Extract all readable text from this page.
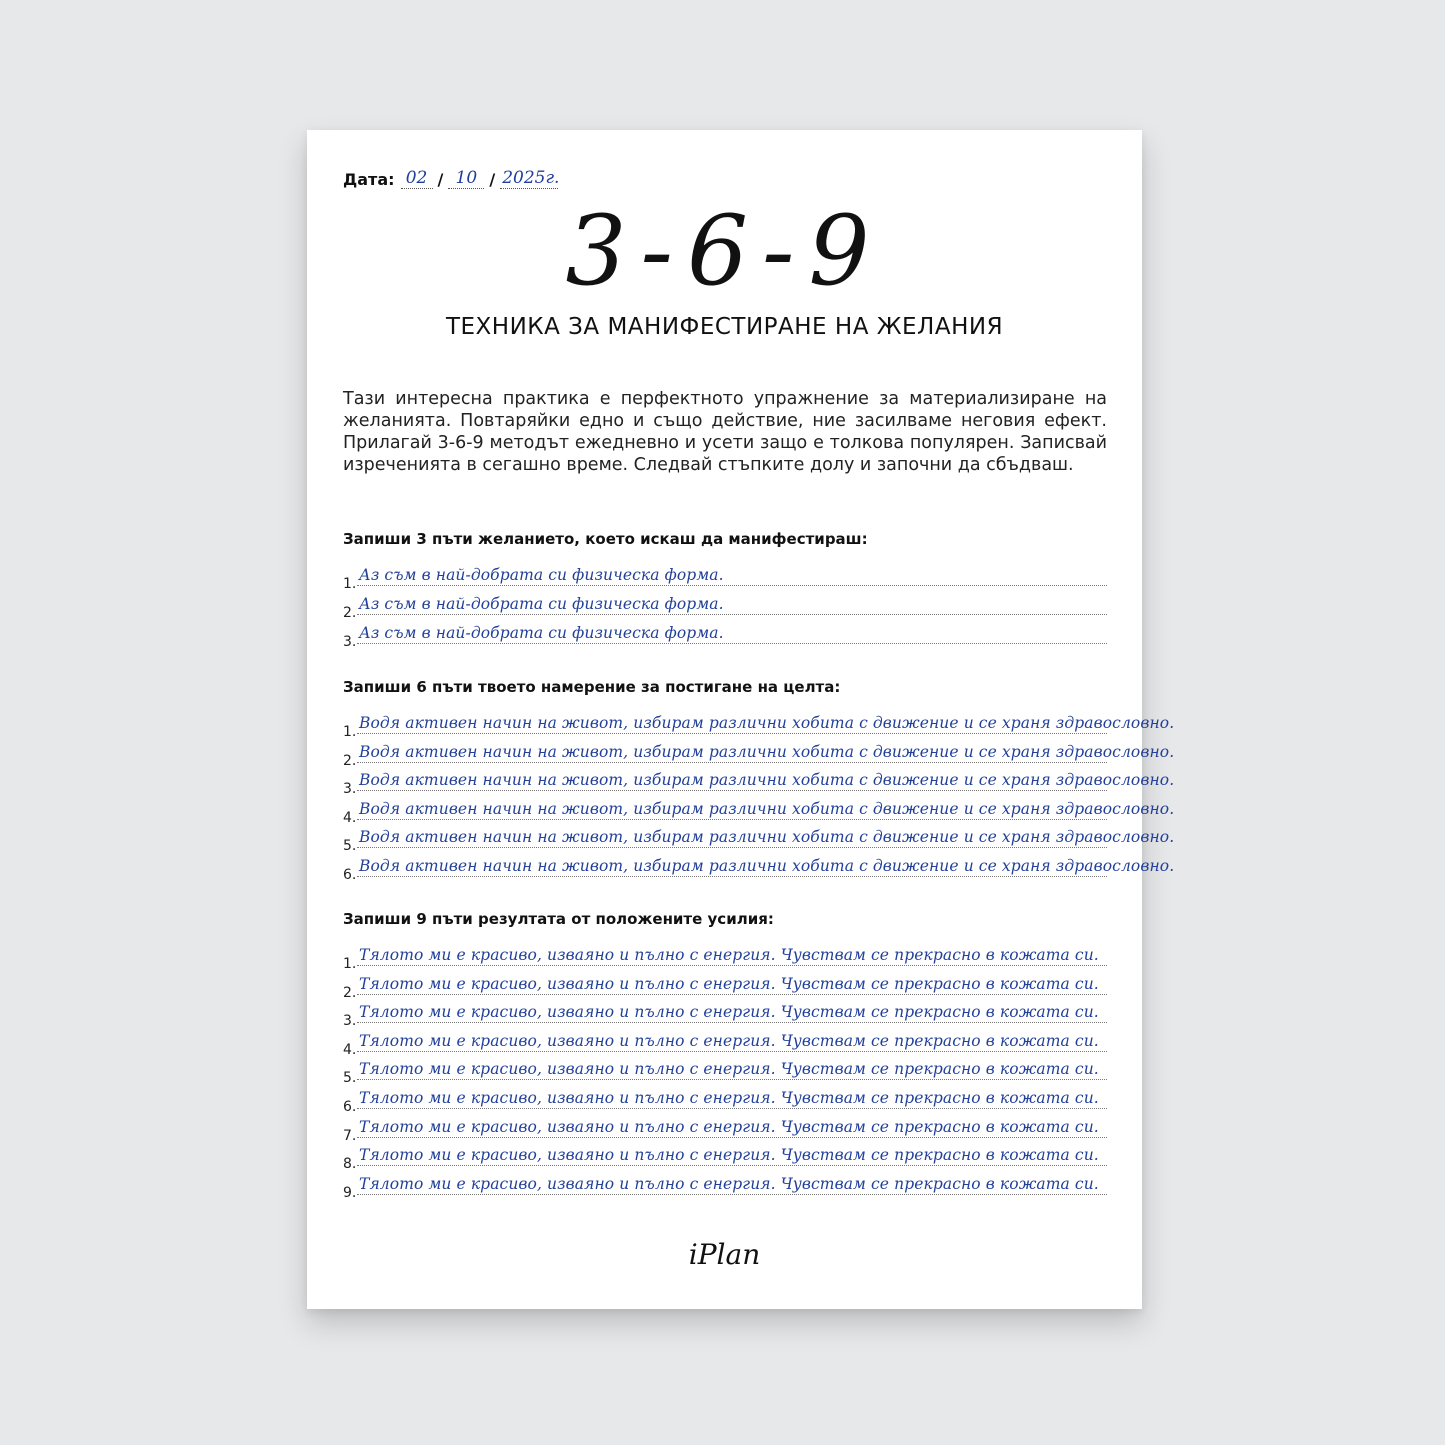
Дата: 02 / 10 / 2025г.
3-6-9
ТЕХНИКА ЗА МАНИФЕСТИРАНЕ НА ЖЕЛАНИЯ
Тази интересна практика е перфектното упражнение за материализиране на желанията. Повтаряйки едно и също действие, ние засилваме неговия ефект. Прилагай 3-6-9 методът ежедневно и усети защо е толкова популярен. Записвай изреченията в сегашно време. Следвай стъпките долу и започни да сбъдваш.
Запиши 3 пъти желанието, което искаш да манифестираш:
1. Аз съм в най-добрата си физическа форма.
2. Аз съм в най-добрата си физическа форма.
3. Аз съм в най-добрата си физическа форма.
Запиши 6 пъти твоето намерение за постигане на целта:
1. Водя активен начин на живот, избирам различни хобита с движение и се храня здравословно.
2. Водя активен начин на живот, избирам различни хобита с движение и се храня здравословно.
3. Водя активен начин на живот, избирам различни хобита с движение и се храня здравословно.
4. Водя активен начин на живот, избирам различни хобита с движение и се храня здравословно.
5. Водя активен начин на живот, избирам различни хобита с движение и се храня здравословно.
6. Водя активен начин на живот, избирам различни хобита с движение и се храня здравословно.
Запиши 9 пъти резултата от положените усилия:
1. Тялото ми е красиво, изваяно и пълно с енергия. Чувствам се прекрасно в кожата си.
2. Тялото ми е красиво, изваяно и пълно с енергия. Чувствам се прекрасно в кожата си.
3. Тялото ми е красиво, изваяно и пълно с енергия. Чувствам се прекрасно в кожата си.
4. Тялото ми е красиво, изваяно и пълно с енергия. Чувствам се прекрасно в кожата си.
5. Тялото ми е красиво, изваяно и пълно с енергия. Чувствам се прекрасно в кожата си.
6. Тялото ми е красиво, изваяно и пълно с енергия. Чувствам се прекрасно в кожата си.
7. Тялото ми е красиво, изваяно и пълно с енергия. Чувствам се прекрасно в кожата си.
8. Тялото ми е красиво, изваяно и пълно с енергия. Чувствам се прекрасно в кожата си.
9. Тялото ми е красиво, изваяно и пълно с енергия. Чувствам се прекрасно в кожата си.
iPlan
